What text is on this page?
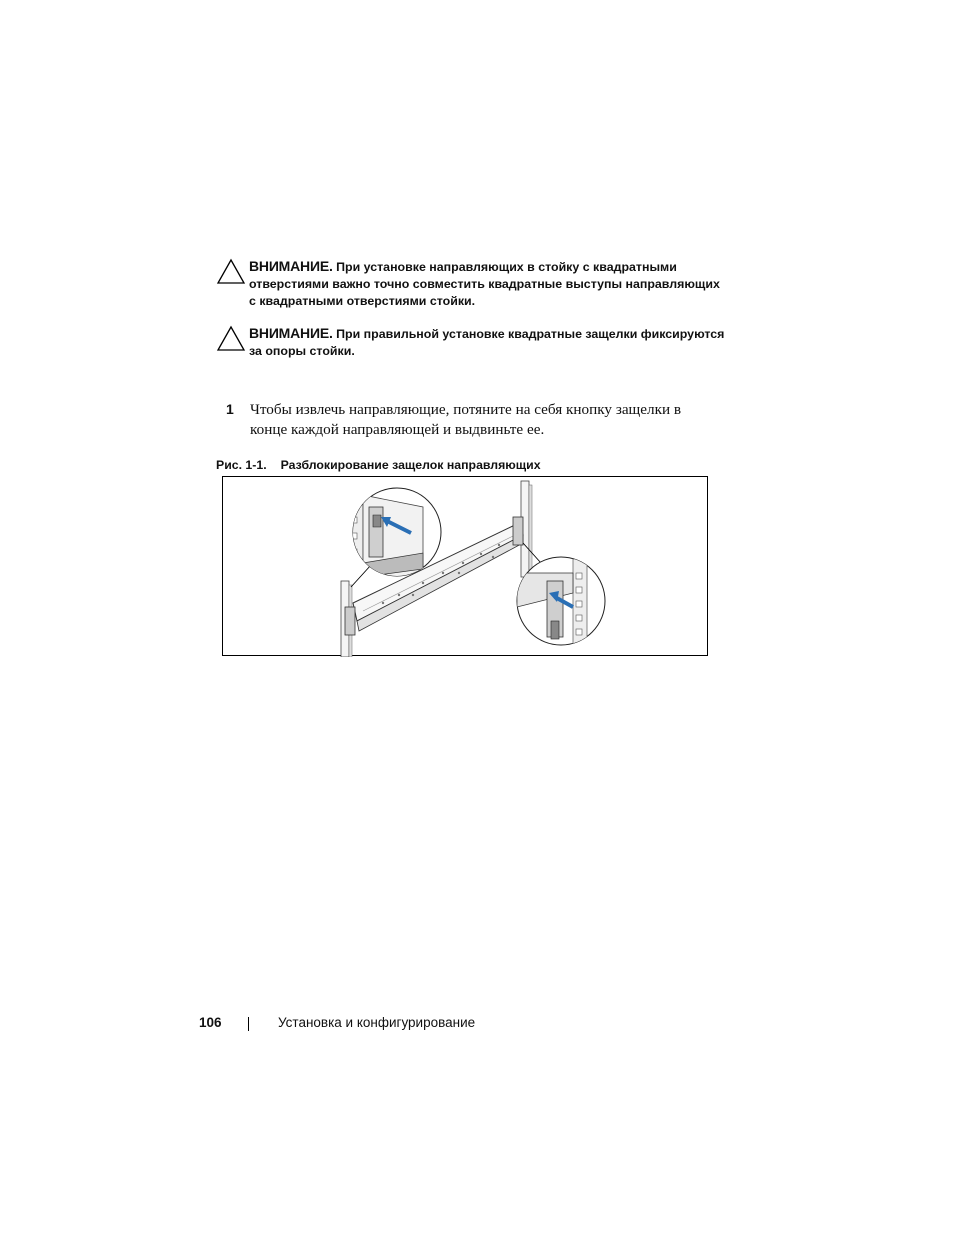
ВНИМАНИЕ. При установке направляющих в стойку с квадратными отверстиями важно точно совместить квадратные выступы направляющих с квадратными отверстиями стойки.
ВНИМАНИЕ. При правильной установке квадратные защелки фиксируются за опоры стойки.
1 Чтобы извлечь направляющие, потяните на себя кнопку защелки в конце каждой направляющей и выдвиньте ее.
Рис. 1-1. Разблокирование защелок направляющих
106	Установка и конфигурирование
